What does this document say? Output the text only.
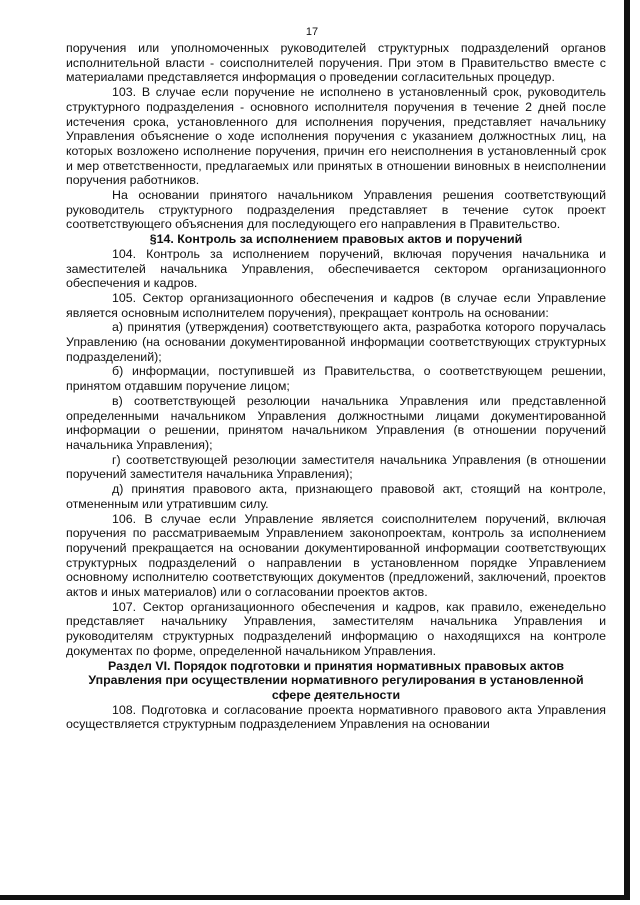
17

поручения или уполномоченных руководителей структурных подразделений органов исполнительной власти - соисполнителей поручения. При этом в Правительство вместе с материалами представляется информация о проведении согласительных процедур.

103. В случае если поручение не исполнено в установленный срок, руководитель структурного подразделения - основного исполнителя поручения в течение 2 дней после истечения срока, установленного для исполнения поручения, представляет начальнику Управления объяснение о ходе исполнения поручения с указанием должностных лиц, на которых возложено исполнение поручения, причин его неисполнения в установленный срок и мер ответственности, предлагаемых или принятых в отношении виновных в неисполнении поручения работников.

На основании принятого начальником Управления решения соответствующий руководитель структурного подразделения представляет в течение суток проект соответствующего объяснения для последующего его направления в Правительство.

§14. Контроль за исполнением правовых актов и поручений

104. Контроль за исполнением поручений, включая поручения начальника и заместителей начальника Управления, обеспечивается сектором организационного обеспечения и кадров.

105. Сектор организационного обеспечения и кадров (в случае если Управление является основным исполнителем поручения), прекращает контроль на основании:

а) принятия (утверждения) соответствующего акта, разработка которого поручалась Управлению (на основании документированной информации соответствующих структурных подразделений);

б) информации, поступившей из Правительства, о соответствующем решении, принятом отдавшим поручение лицом;

в) соответствующей резолюции начальника Управления или представленной определенными начальником Управления должностными лицами документированной информации о решении, принятом начальником Управления (в отношении поручений начальника Управления);

г) соответствующей резолюции заместителя начальника Управления (в отношении поручений заместителя начальника Управления);

д) принятия правового акта, признающего правовой акт, стоящий на контроле, отмененным или утратившим силу.

106. В случае если Управление является соисполнителем поручений, включая поручения по рассматриваемым Управлением законопроектам, контроль за исполнением поручений прекращается на основании документированной информации соответствующих структурных подразделений о направлении в установленном порядке Управлением основному исполнителю соответствующих документов (предложений, заключений, проектов актов и иных материалов) или о согласовании проектов актов.

107. Сектор организационного обеспечения и кадров, как правило, еженедельно представляет начальнику Управления, заместителям начальника Управления и руководителям структурных подразделений информацию о находящихся на контроле документах по форме, определенной начальником Управления.

Раздел VI. Порядок подготовки и принятия нормативных правовых актов
Управления при осуществлении нормативного регулирования в установленной
сфере деятельности

108. Подготовка и согласование проекта нормативного правового акта Управления осуществляется структурным подразделением Управления на основании
